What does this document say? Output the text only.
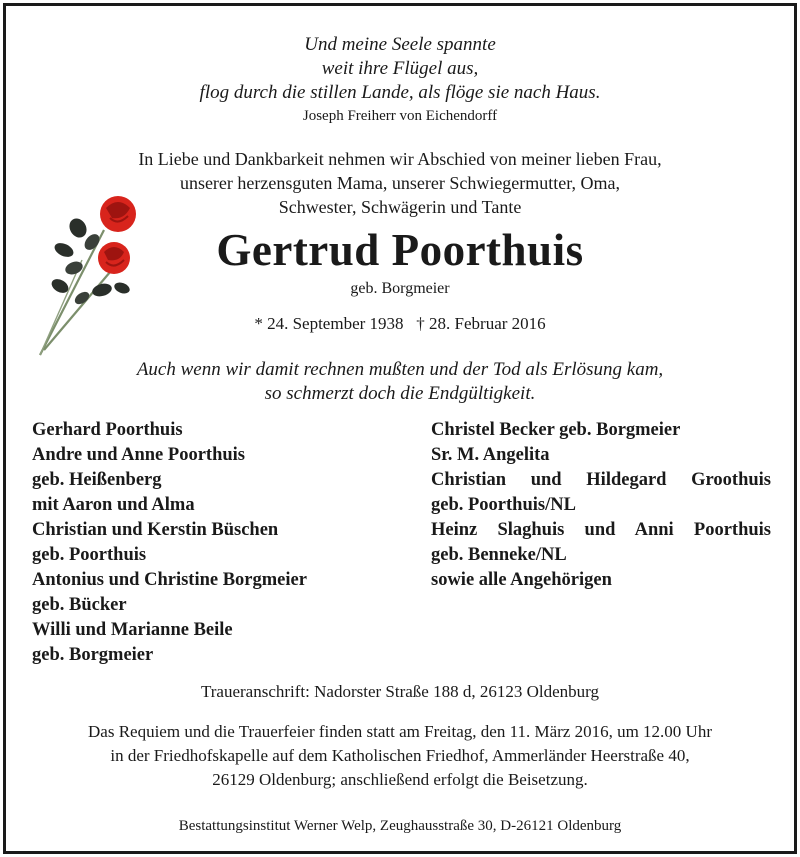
Und meine Seele spannte
weit ihre Flügel aus,
flog durch die stillen Lande, als flöge sie nach Haus.
Joseph Freiherr von Eichendorff
In Liebe und Dankbarkeit nehmen wir Abschied von meiner lieben Frau,
unserer herzensguten Mama, unserer Schwiegermutter, Oma,
Schwester, Schwägerin und Tante
Gertrud Poorthuis
geb. Borgmeier
* 24. September 1938   † 28. Februar 2016
Auch wenn wir damit rechnen mußten und der Tod als Erlösung kam,
so schmerzt doch die Endgültigkeit.
Gerhard Poorthuis
Andre und Anne Poorthuis
geb. Heißenberg
mit Aaron und Alma
Christian und Kerstin Büschen
geb. Poorthuis
Antonius und Christine Borgmeier
geb. Bücker
Willi und Marianne Beile
geb. Borgmeier
Christel Becker geb. Borgmeier
Sr. M. Angelita
Christian und Hildegard Groothuis
geb. Poorthuis/NL
Heinz Slaghuis und Anni Poorthuis
geb. Benneke/NL
sowie alle Angehörigen
Traueranschrift: Nadorster Straße 188 d, 26123 Oldenburg
Das Requiem und die Trauerfeier finden statt am Freitag, den 11. März 2016, um 12.00 Uhr
in der Friedhofskapelle auf dem Katholischen Friedhof, Ammerländer Heerstraße 40,
26129 Oldenburg; anschließend erfolgt die Beisetzung.
Bestattungsinstitut Werner Welp, Zeughausstraße 30, D-26121 Oldenburg
